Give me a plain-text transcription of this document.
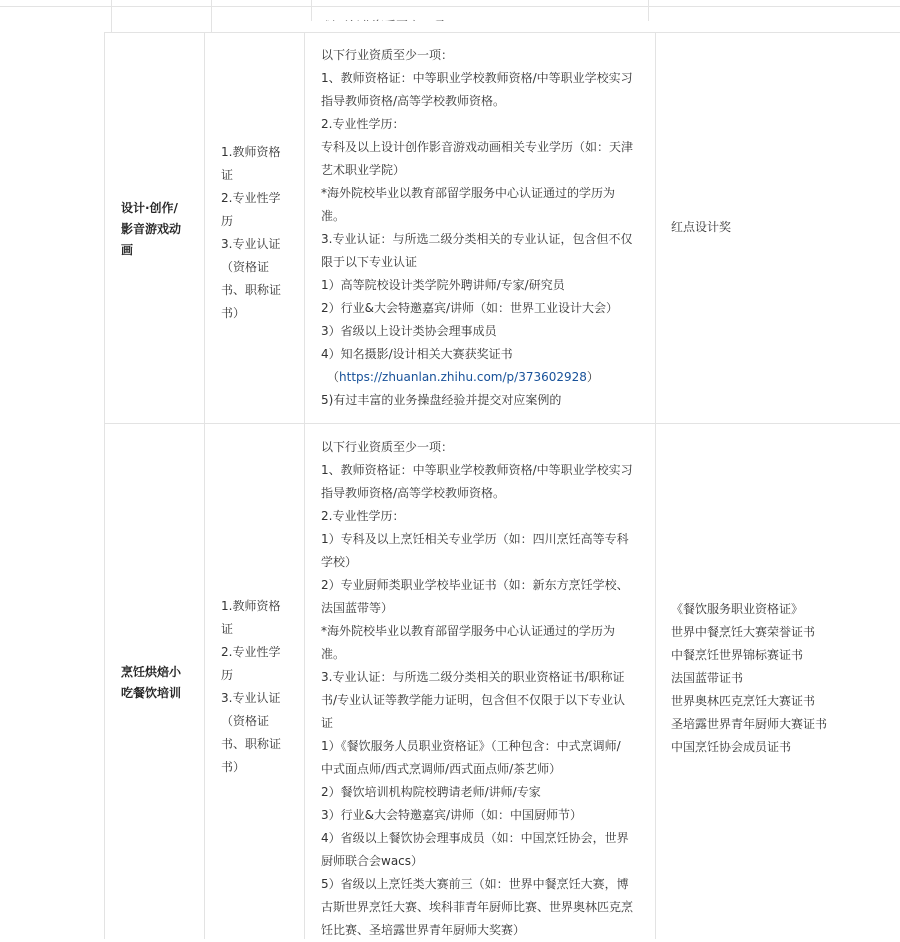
设计·创作/
影音游戏动
画
1.教师资格
证
2.专业性学
历
3.专业认证
（资格证
书、职称证
书）
以下行业资质至少一项：
1、教师资格证：中等职业学校教师资格/中等职业学校实习
指导教师资格/高等学校教师资格。
2.专业性学历：
专科及以上设计创作影音游戏动画相关专业学历（如：天津
艺术职业学院）
*海外院校毕业以教育部留学服务中心认证通过的学历为
准。
3.专业认证：与所选二级分类相关的专业认证，包含但不仅
限于以下专业认证
1）高等院校设计类学院外聘讲师/专家/研究员
2）行业&大会特邀嘉宾/讲师（如：世界工业设计大会）
3）省级以上设计类协会理事成员
4）知名摄影/设计相关大赛获奖证书
（https://zhuanlan.zhihu.com/p/373602928）
5)有过丰富的业务操盘经验并提交对应案例的
红点设计奖
烹饪烘焙小
吃餐饮培训
1.教师资格
证
2.专业性学
历
3.专业认证
（资格证
书、职称证
书）
以下行业资质至少一项：
1、教师资格证：中等职业学校教师资格/中等职业学校实习
指导教师资格/高等学校教师资格。
2.专业性学历：
1）专科及以上烹饪相关专业学历（如：四川烹饪高等专科
学校）
2）专业厨师类职业学校毕业证书（如：新东方烹饪学校、
法国蓝带等）
*海外院校毕业以教育部留学服务中心认证通过的学历为
准。
3.专业认证：与所选二级分类相关的职业资格证书/职称证
书/专业认证等教学能力证明，包含但不仅限于以下专业认
证
1）《餐饮服务人员职业资格证》（工种包含：中式烹调师/
中式面点师/西式烹调师/西式面点师/茶艺师）
2）餐饮培训机构院校聘请老师/讲师/专家
3）行业&大会特邀嘉宾/讲师（如：中国厨师节）
4）省级以上餐饮协会理事成员（如：中国烹饪协会，世界
厨师联合会wacs）
5）省级以上烹饪类大赛前三（如：世界中餐烹饪大赛，博
古斯世界烹饪大赛、埃科菲青年厨师比赛、世界奥林匹克烹
饪比赛、圣培露世界青年厨师大奖赛）
《餐饮服务职业资格证》
世界中餐烹饪大赛荣誉证书
中餐烹饪世界锦标赛证书
法国蓝带证书
世界奥林匹克烹饪大赛证书
圣培露世界青年厨师大赛证书
中国烹饪协会成员证书
